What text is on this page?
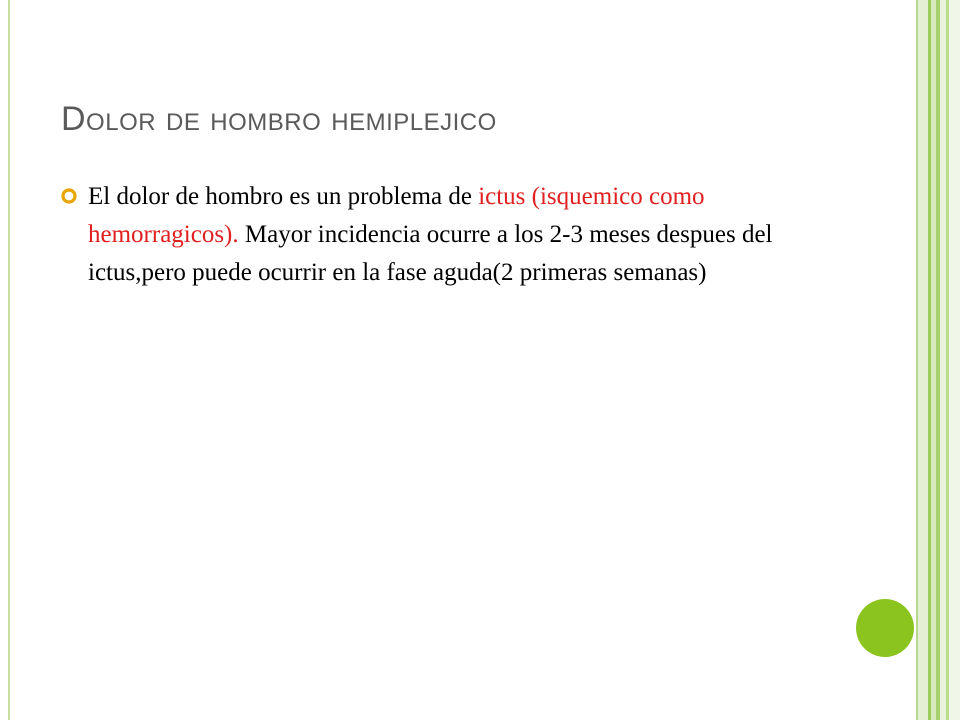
Dolor de hombro hemiplejico
El dolor de hombro es un problema de ictus (isquemico como hemorragicos). Mayor incidencia ocurre a los 2-3 meses despues del ictus,pero puede ocurrir en la fase aguda(2 primeras semanas)
